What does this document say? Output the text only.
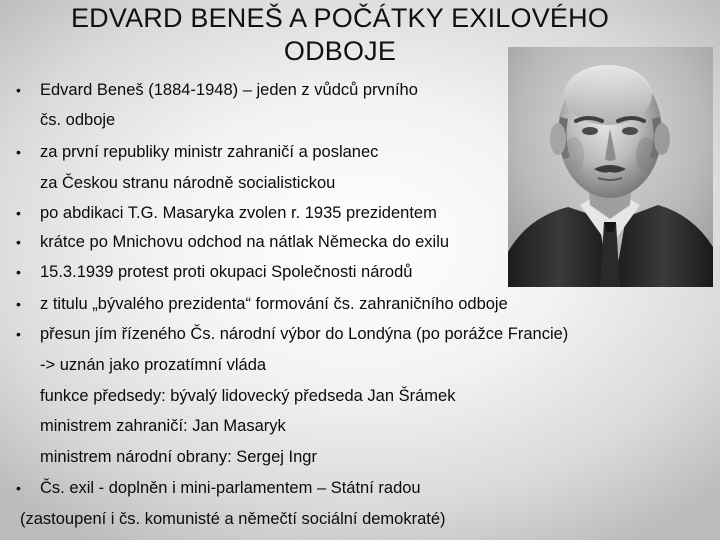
EDVARD BENEŠ A POČÁTKY EXILOVÉHO
ODBOJE
• Edvard Beneš (1884-1948) – jeden z vůdců prvního
čs. odboje
• za první republiky ministr zahraničí a poslanec
za Českou stranu národně socialistickou
• po abdikaci T.G. Masaryka zvolen r. 1935 prezidentem
• krátce po Mnichovu odchod na nátlak Německa do exilu
• 15.3.1939 protest proti okupaci Společnosti národů
• z titulu „bývalého prezidenta“ formování čs. zahraničního odboje
• přesun jím řízeného Čs. národní výbor do Londýna (po porážce Francie)
-> uznán jako prozatímní vláda
funkce předsedy: bývalý lidovecký předseda Jan Šrámek
ministrem zahraničí: Jan Masaryk
ministrem národní obrany: Sergej Ingr
• Čs. exil - doplněn i mini-parlamentem – Státní radou
(zastoupení i čs. komunisté a němečtí sociální demokraté)
